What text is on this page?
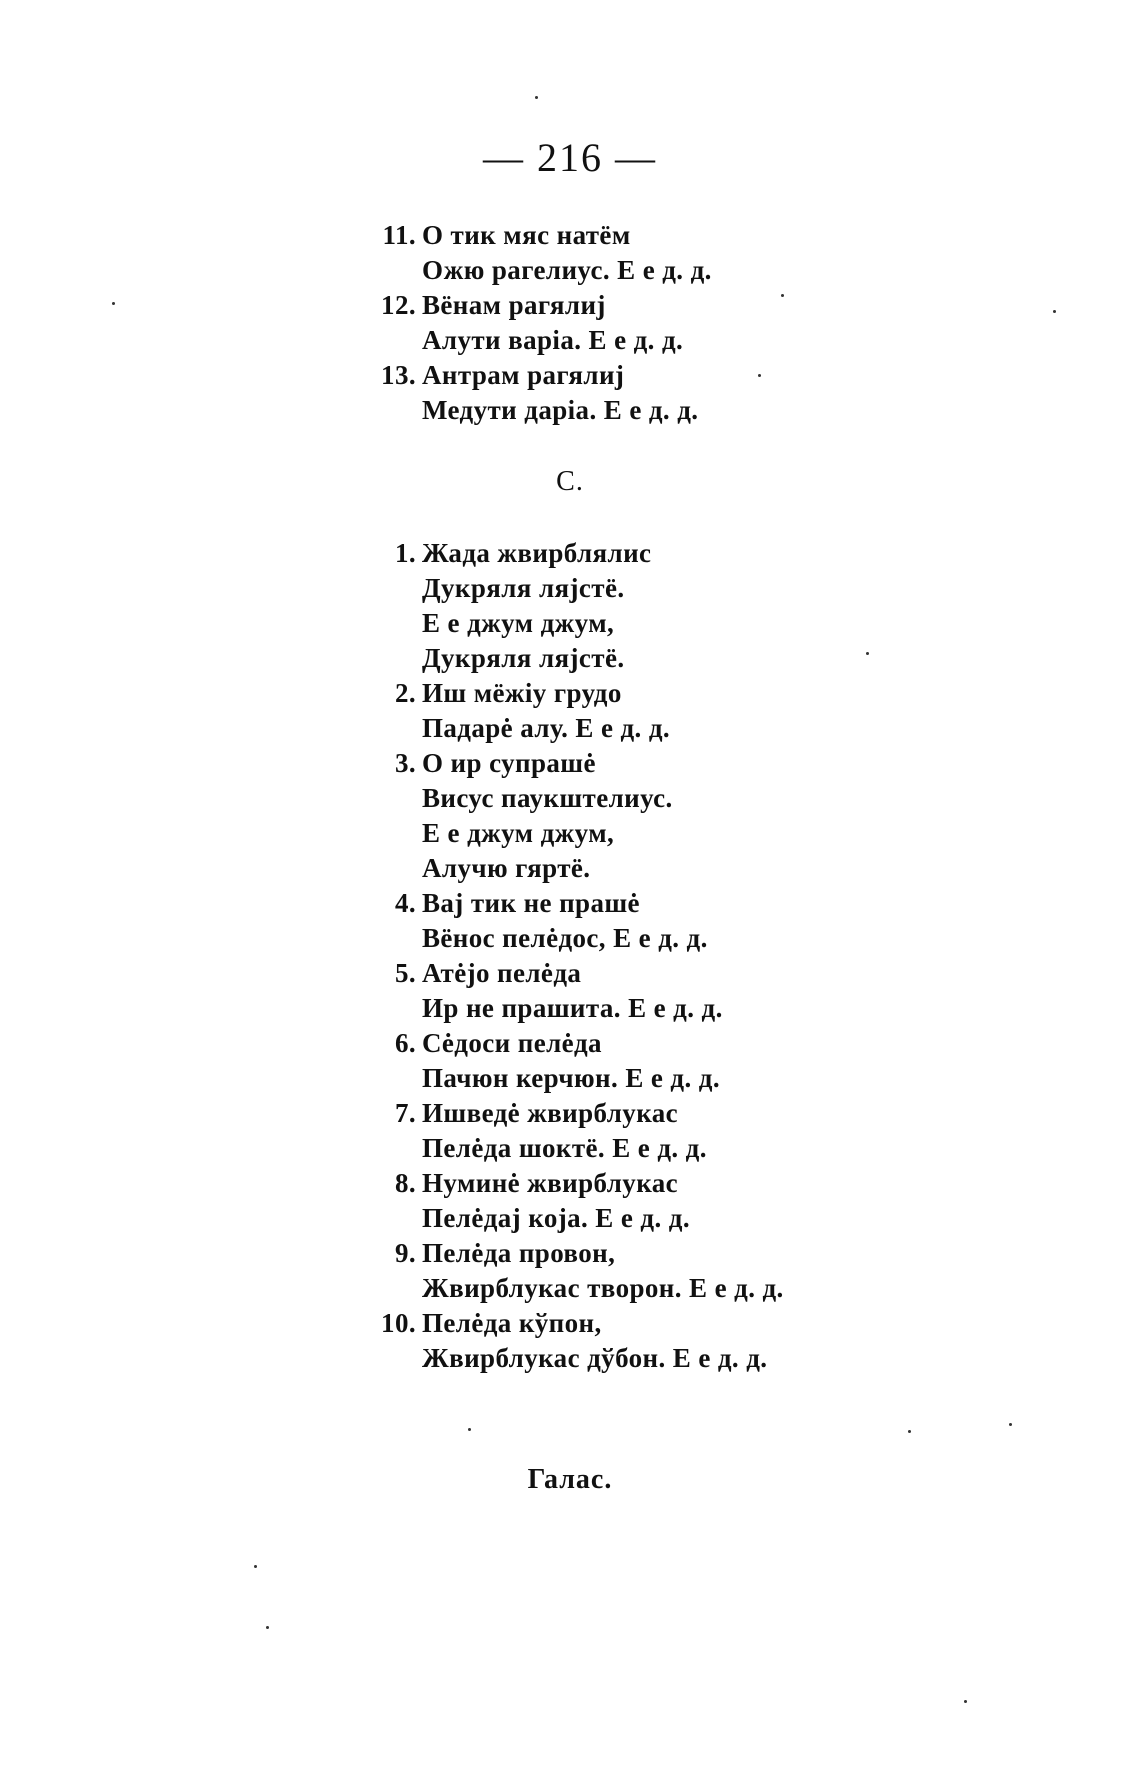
— 216 —
11. О тик мяс натём
Ожю рагелиус. Е е д. д.
12. Вёнам рагялиј
Алути варіа. Е е д. д.
13. Антрам рагялиј
Медути даріа. Е е д. д.
С.
1. Жада жвирблялис
Дукряля ляјстё.
Е е джум джум,
Дукряля ляјстё.
2. Иш мёжіу грудо
Падарė алу. Е е д. д.
3. О ир супрашė
Висус паукштелиус.
Е е джум джум,
Алучю гяртё.
4. Вај тик не прашė
Вёнос пелėдос, Е е д. д.
5. Атėјо пелėда
Ир не прашита. Е е д. д.
6. Сėдоси пелėда
Пачюн керчюн. Е е д. д.
7. Ишведė жвирблукас
Пелėда шоктё. Е е д. д.
8. Нуминė жвирблукас
Пелėдај којa. Е е д. д.
9. Пелėда провон,
Жвирблукас творон. Е е д. д.
10. Пелėда кўпон,
Жвирблукас дўбон. Е е д. д.
Галас.
